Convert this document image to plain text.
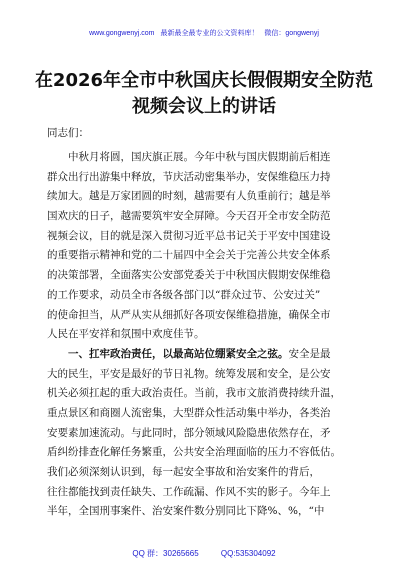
www.gongwenyj.com 最新最全最专业的公文资料库！ 微信：gongwenyj
在2026年全市中秋国庆长假假期安全防范
视频会议上的讲话
同志们：
　　中秋月将圆，国庆旗正展。今年中秋与国庆假期前后相连
群众出行出游集中释放，节庆活动密集举办，安保维稳压力持
续加大。越是万家团圆的时刻，越需要有人负重前行；越是举
国欢庆的日子，越需要筑牢安全屏障。今天召开全市安全防范
视频会议，目的就是深入贯彻习近平总书记关于平安中国建设
的重要指示精神和党的二十届四中全会关于完善公共安全体系
的决策部署，全面落实公安部党委关于中秋国庆假期安保维稳
的工作要求，动员全市各级各部门以“群众过节、公安过关”
的使命担当，从严从实从细抓好各项安保维稳措施，确保全市
人民在平安祥和氛围中欢度佳节。
　　一、扛牢政治责任，以最高站位绷紧安全之弦。安全是最
大的民生，平安是最好的节日礼物。统筹发展和安全，是公安
机关必须扛起的重大政治责任。当前，我市文旅消费持续升温，
重点景区和商圈人流密集，大型群众性活动集中举办，各类治
安要素加速流动。与此同时，部分领域风险隐患依然存在，矛
盾纠纷排查化解任务繁重，公共安全治理面临的压力不容低估。
我们必须深刻认识到，每一起安全事故和治安案件的背后，
往往都能找到责任缺失、工作疏漏、作风不实的影子。今年上
半年，全国刑事案件、治安案件数分别同比下降%、%，“中
QQ 群：30265665	QQ:535304092
